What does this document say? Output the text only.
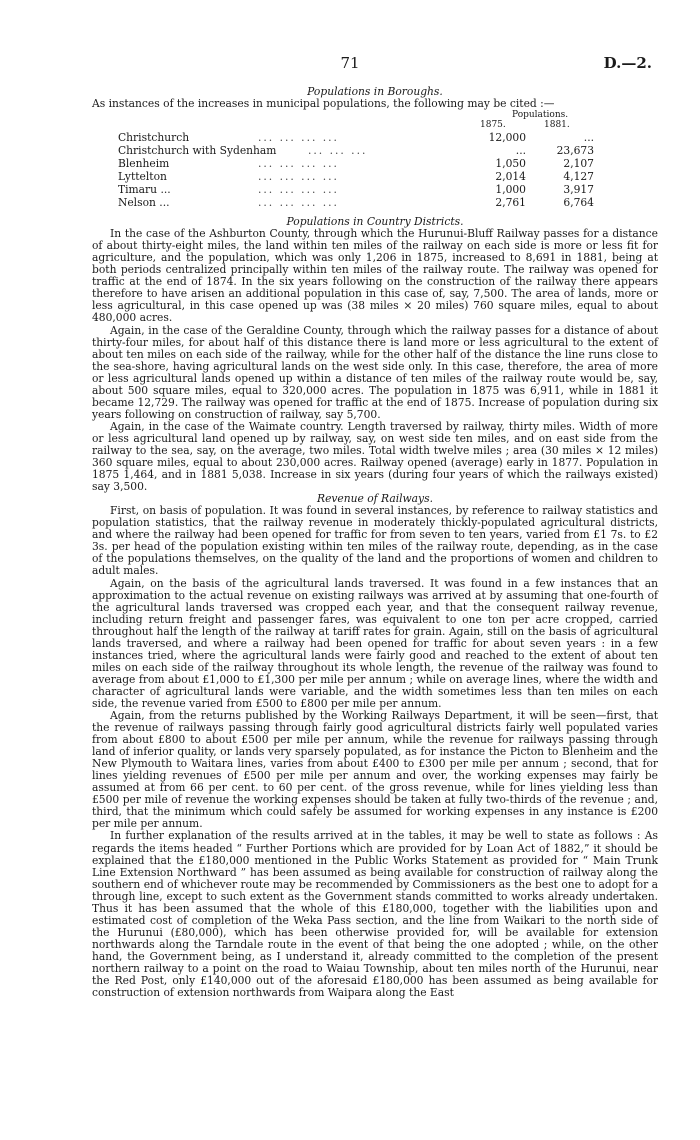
71	D.—2.
Populations in Boroughs.

As instances of the increases in municipal populations, the following may be cited :—

Populations.
1875.	1881.
Christchurch	... ... ... ...	12,000	...
Christchurch with Sydenham	... ... ...	...	23,673
Blenheim	... ... ... ...	1,050	2,107
Lyttelton	... ... ... ...	2,014	4,127
Timaru ...	... ... ... ...	1,000	3,917
Nelson ...	... ... ... ...	2,761	6,764
Populations in Country Districts.

In the case of the Ashburton County, through which the Hurunui-Bluff Railway passes for a distance of about thirty-eight miles, the land within ten miles of the railway on each side is more or less fit for agriculture, and the population, which was only 1,206 in 1875, increased to 8,691 in 1881, being at both periods centralized principally within ten miles of the railway route. The railway was opened for traffic at the end of 1874. In the six years following on the construction of the railway there appears therefore to have arisen an additional population in this case of, say, 7,500. The area of lands, more or less agricultural, in this case opened up was (38 miles × 20 miles) 760 square miles, equal to about 480,000 acres.

Again, in the case of the Geraldine County, through which the railway passes for a distance of about thirty-four miles, for about half of this distance there is land more or less agricultural to the extent of about ten miles on each side of the railway, while for the other half of the distance the line runs close to the sea-shore, having agricultural lands on the west side only. In this case, therefore, the area of more or less agricultural lands opened up within a distance of ten miles of the railway route would be, say, about 500 square miles, equal to 320,000 acres. The population in 1875 was 6,911, while in 1881 it became 12,729. The railway was opened for traffic at the end of 1875. Increase of population during six years following on construction of railway, say 5,700.

Again, in the case of the Waimate country. Length traversed by railway, thirty miles. Width of more or less agricultural land opened up by railway, say, on west side ten miles, and on east side from the railway to the sea, say, on the average, two miles. Total width twelve miles ; area (30 miles × 12 miles) 360 square miles, equal to about 230,000 acres. Railway opened (average) early in 1877. Population in 1875 1,464, and in 1881 5,038. Increase in six years (during four years of which the railways existed) say 3,500.

Revenue of Railways.

First, on basis of population. It was found in several instances, by reference to railway statistics and population statistics, that the railway revenue in moderately thickly-populated agricultural districts, and where the railway had been opened for traffic for from seven to ten years, varied from £1 7s. to £2 3s. per head of the population existing within ten miles of the railway route, depending, as in the case of the populations themselves, on the quality of the land and the proportions of women and children to adult males.

Again, on the basis of the agricultural lands traversed. It was found in a few instances that an approximation to the actual revenue on existing railways was arrived at by assuming that one-fourth of the agricultural lands traversed was cropped each year, and that the consequent railway revenue, including return freight and passenger fares, was equivalent to one ton per acre cropped, carried throughout half the length of the railway at tariff rates for grain. Again, still on the basis of agricultural lands traversed, and where a railway had been opened for traffic for about seven years : in a few instances tried, where the agricultural lands were fairly good and reached to the extent of about ten miles on each side of the railway throughout its whole length, the revenue of the railway was found to average from about £1,000 to £1,300 per mile per annum ; while on average lines, where the width and character of agricultural lands were variable, and the width sometimes less than ten miles on each side, the revenue varied from £500 to £800 per mile per annum.

Again, from the returns published by the Working Railways Department, it will be seen—first, that the revenue of railways passing through fairly good agricultural districts fairly well populated varies from about £800 to about £500 per mile per annum, while the revenue for railways passing through land of inferior quality, or lands very sparsely populated, as for instance the Picton to Blenheim and the New Plymouth to Waitara lines, varies from about £400 to £300 per mile per annum ; second, that for lines yielding revenues of £500 per mile per annum and over, the working expenses may fairly be assumed at from 66 per cent. to 60 per cent. of the gross revenue, while for lines yielding less than £500 per mile of revenue the working expenses should be taken at fully two-thirds of the revenue ; and, third, that the minimum which could safely be assumed for working expenses in any instance is £200 per mile per annum.

In further explanation of the results arrived at in the tables, it may be well to state as follows : As regards the items headed “ Further Portions which are provided for by Loan Act of 1882,” it should be explained that the £180,000 mentioned in the Public Works Statement as provided for “ Main Trunk Line Extension Northward ” has been assumed as being available for construction of railway along the southern end of whichever route may be recommended by Commissioners as the best one to adopt for a through line, except to such extent as the Government stands committed to works already undertaken. Thus it has been assumed that the whole of this £180,000, together with the liabilities upon and estimated cost of completion of the Weka Pass section, and the line from Waikari to the north side of the Hurunui (£80,000), which has been otherwise provided for, will be available for extension northwards along the Tarndale route in the event of that being the one adopted ; while, on the other hand, the Government being, as I understand it, already committed to the completion of the present northern railway to a point on the road to Waiau Township, about ten miles north of the Hurunui, near the Red Post, only £140,000 out of the aforesaid £180,000 has been assumed as being available for construction of extension northwards from Waipara along the East
